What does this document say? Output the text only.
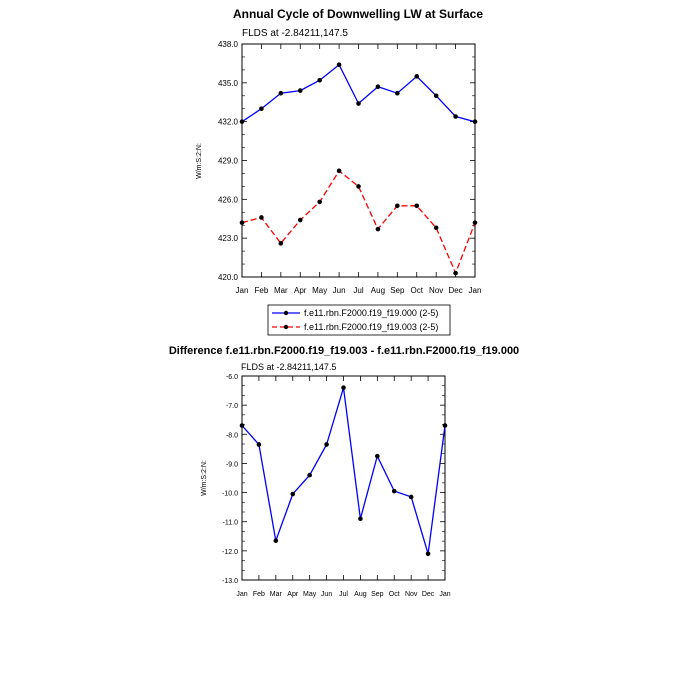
Annual Cycle of Downwelling LW at Surface
FLDS at -2.84211,147.5
W/m:S:2:N:
420.0
423.0
426.0
429.0
432.0
435.0
438.0
Jan Feb Mar Apr May Jun Jul Aug Sep Oct Nov Dec Jan
f.e11.rbn.F2000.f19_f19.000 (2-5)
f.e11.rbn.F2000.f19_f19.003 (2-5)
Difference f.e11.rbn.F2000.f19_f19.003 - f.e11.rbn.F2000.f19_f19.000
FLDS at -2.84211,147.5
W/m:S:2:N:
-13.0
-12.0
-11.0
-10.0
-9.0
-8.0
-7.0
-6.0
Jan Feb Mar Apr May Jun Jul Aug Sep Oct Nov Dec Jan
